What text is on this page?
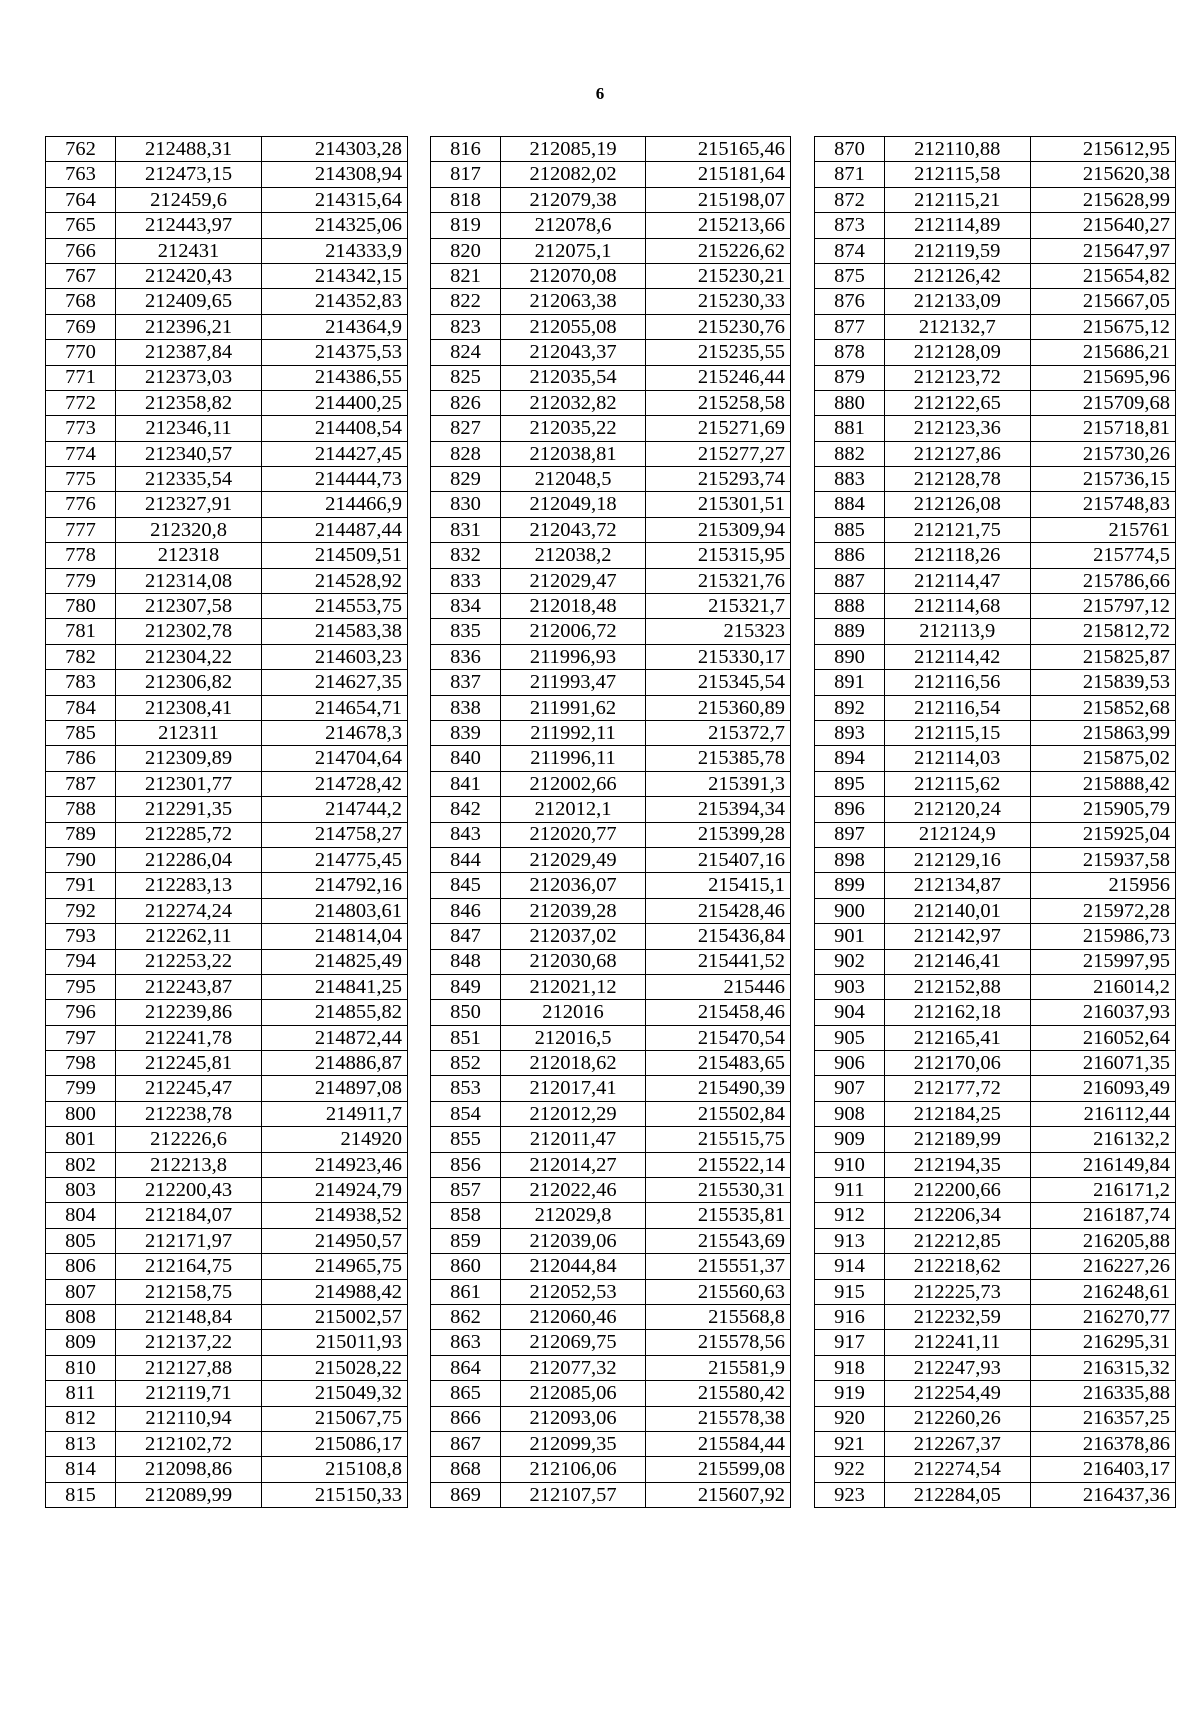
6
762	212488,31	214303,28
763	212473,15	214308,94
764	212459,6	214315,64
765	212443,97	214325,06
766	212431	214333,9
767	212420,43	214342,15
768	212409,65	214352,83
769	212396,21	214364,9
770	212387,84	214375,53
771	212373,03	214386,55
772	212358,82	214400,25
773	212346,11	214408,54
774	212340,57	214427,45
775	212335,54	214444,73
776	212327,91	214466,9
777	212320,8	214487,44
778	212318	214509,51
779	212314,08	214528,92
780	212307,58	214553,75
781	212302,78	214583,38
782	212304,22	214603,23
783	212306,82	214627,35
784	212308,41	214654,71
785	212311	214678,3
786	212309,89	214704,64
787	212301,77	214728,42
788	212291,35	214744,2
789	212285,72	214758,27
790	212286,04	214775,45
791	212283,13	214792,16
792	212274,24	214803,61
793	212262,11	214814,04
794	212253,22	214825,49
795	212243,87	214841,25
796	212239,86	214855,82
797	212241,78	214872,44
798	212245,81	214886,87
799	212245,47	214897,08
800	212238,78	214911,7
801	212226,6	214920
802	212213,8	214923,46
803	212200,43	214924,79
804	212184,07	214938,52
805	212171,97	214950,57
806	212164,75	214965,75
807	212158,75	214988,42
808	212148,84	215002,57
809	212137,22	215011,93
810	212127,88	215028,22
811	212119,71	215049,32
812	212110,94	215067,75
813	212102,72	215086,17
814	212098,86	215108,8
815	212089,99	215150,33
816	212085,19	215165,46
817	212082,02	215181,64
818	212079,38	215198,07
819	212078,6	215213,66
820	212075,1	215226,62
821	212070,08	215230,21
822	212063,38	215230,33
823	212055,08	215230,76
824	212043,37	215235,55
825	212035,54	215246,44
826	212032,82	215258,58
827	212035,22	215271,69
828	212038,81	215277,27
829	212048,5	215293,74
830	212049,18	215301,51
831	212043,72	215309,94
832	212038,2	215315,95
833	212029,47	215321,76
834	212018,48	215321,7
835	212006,72	215323
836	211996,93	215330,17
837	211993,47	215345,54
838	211991,62	215360,89
839	211992,11	215372,7
840	211996,11	215385,78
841	212002,66	215391,3
842	212012,1	215394,34
843	212020,77	215399,28
844	212029,49	215407,16
845	212036,07	215415,1
846	212039,28	215428,46
847	212037,02	215436,84
848	212030,68	215441,52
849	212021,12	215446
850	212016	215458,46
851	212016,5	215470,54
852	212018,62	215483,65
853	212017,41	215490,39
854	212012,29	215502,84
855	212011,47	215515,75
856	212014,27	215522,14
857	212022,46	215530,31
858	212029,8	215535,81
859	212039,06	215543,69
860	212044,84	215551,37
861	212052,53	215560,63
862	212060,46	215568,8
863	212069,75	215578,56
864	212077,32	215581,9
865	212085,06	215580,42
866	212093,06	215578,38
867	212099,35	215584,44
868	212106,06	215599,08
869	212107,57	215607,92
870	212110,88	215612,95
871	212115,58	215620,38
872	212115,21	215628,99
873	212114,89	215640,27
874	212119,59	215647,97
875	212126,42	215654,82
876	212133,09	215667,05
877	212132,7	215675,12
878	212128,09	215686,21
879	212123,72	215695,96
880	212122,65	215709,68
881	212123,36	215718,81
882	212127,86	215730,26
883	212128,78	215736,15
884	212126,08	215748,83
885	212121,75	215761
886	212118,26	215774,5
887	212114,47	215786,66
888	212114,68	215797,12
889	212113,9	215812,72
890	212114,42	215825,87
891	212116,56	215839,53
892	212116,54	215852,68
893	212115,15	215863,99
894	212114,03	215875,02
895	212115,62	215888,42
896	212120,24	215905,79
897	212124,9	215925,04
898	212129,16	215937,58
899	212134,87	215956
900	212140,01	215972,28
901	212142,97	215986,73
902	212146,41	215997,95
903	212152,88	216014,2
904	212162,18	216037,93
905	212165,41	216052,64
906	212170,06	216071,35
907	212177,72	216093,49
908	212184,25	216112,44
909	212189,99	216132,2
910	212194,35	216149,84
911	212200,66	216171,2
912	212206,34	216187,74
913	212212,85	216205,88
914	212218,62	216227,26
915	212225,73	216248,61
916	212232,59	216270,77
917	212241,11	216295,31
918	212247,93	216315,32
919	212254,49	216335,88
920	212260,26	216357,25
921	212267,37	216378,86
922	212274,54	216403,17
923	212284,05	216437,36
